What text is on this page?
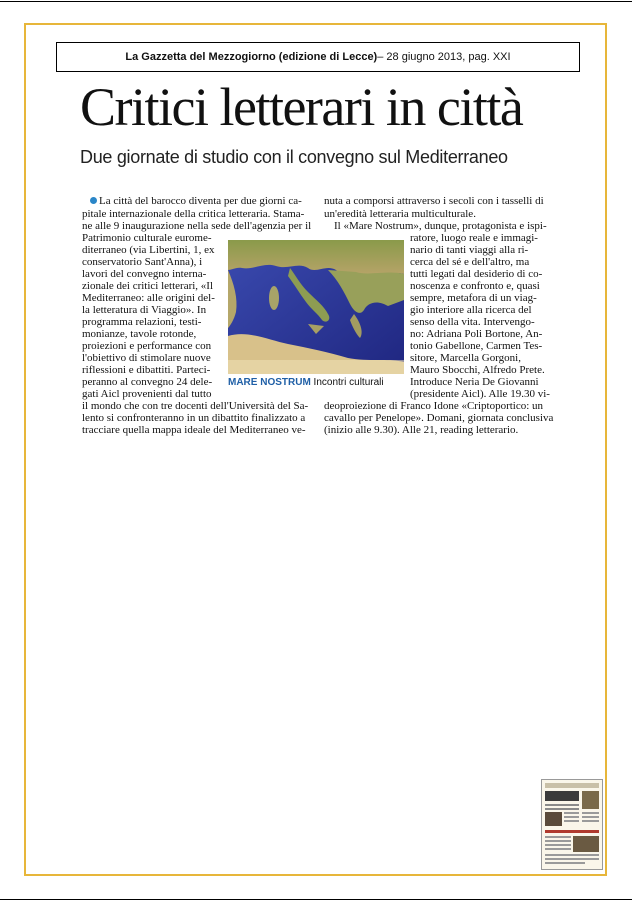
La Gazzetta del Mezzogiorno (edizione di Lecce) – 28 giugno 2013, pag. XXI
Critici letterari in città
Due giornate di studio con il convegno sul Mediterraneo
La città del barocco diventa per due giorni ca-
pitale internazionale della critica letteraria. Stama-
ne alle 9 inaugurazione nella sede dell'agenzia per il
Patrimonio culturale eurome-
diterraneo (via Libertini, 1, ex
conservatorio Sant'Anna), i
lavori del convegno interna-
zionale dei critici letterari, «Il
Mediterraneo: alle origini del-
la letteratura di Viaggio». In
programma relazioni, testi-
monianze, tavole rotonde,
proiezioni e performance con
l'obiettivo di stimolare nuove
riflessioni e dibattiti. Parteci-
peranno al convegno 24 dele-
gati Aicl provenienti dal tutto
il mondo che con tre docenti dell'Università del Sa-
lento si confronteranno in un dibattito finalizzato a
tracciare quella mappa ideale del Mediterraneo ve-
nuta a comporsi attraverso i secoli con i tasselli di
un'eredità letteraria multiculturale.
Il «Mare Nostrum», dunque, protagonista e ispi-
ratore, luogo reale e immagi-
nario di tanti viaggi alla ri-
cerca del sé e dell'altro, ma
tutti legati dal desiderio di co-
noscenza e confronto e, quasi
sempre, metafora di un viag-
gio interiore alla ricerca del
senso della vita. Intervengo-
no: Adriana Poli Bortone, An-
tonio Gabellone, Carmen Tes-
sitore, Marcella Gorgoni,
Mauro Sbocchi, Alfredo Prete.
Introduce Neria De Giovanni
(presidente Aicl). Alle 19.30 vi-
deoproiezione di Franco Idone «Criptoportico: un
cavallo per Penelope». Domani, giornata conclusiva
(inizio alle 9.30). Alle 21, reading letterario.
MARE NOSTRUM Incontri culturali
